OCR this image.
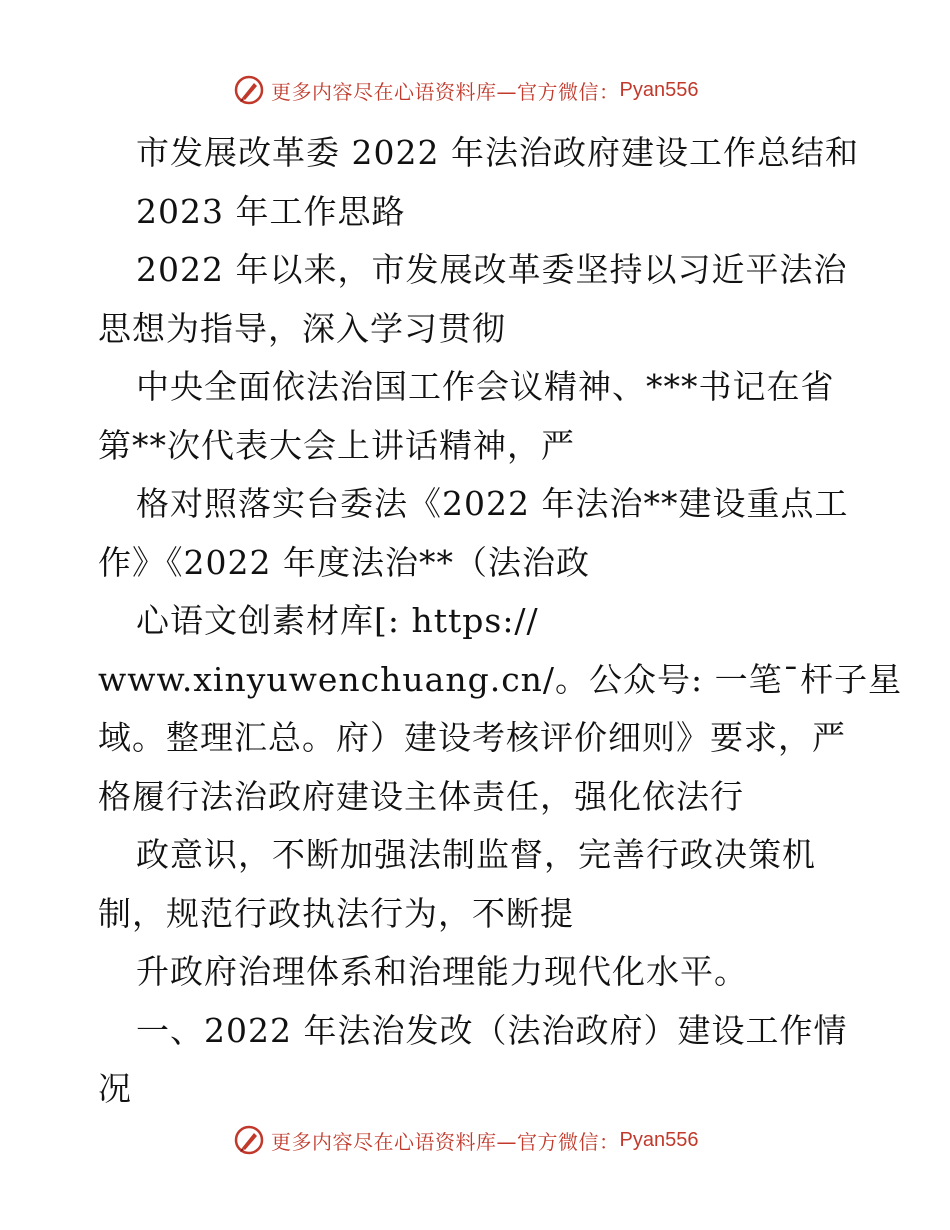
更多内容尽在心语资料库—官方微信： Pyan556
市发展改革委 2022 年法治政府建设工作总结和
2023 年工作思路
2022 年以来，市发展改革委坚持以习近平法治
思想为指导，深入学习贯彻
中央全面依法治国工作会议精神、***书记在省
第**次代表大会上讲话精神，严
格对照落实台委法《2022 年法治**建设重点工
作》《2022 年度法治**（法治政
心语文创素材库[: https://
www.xinyuwenchuang.cn/。公众号: 一笔¯杆子星
域。整理汇总。府）建设考核评价细则》要求，严
格履行法治政府建设主体责任，强化依法行
政意识，不断加强法制监督，完善行政决策机
制，规范行政执法行为，不断提
升政府治理体系和治理能力现代化水平。
一、2022 年法治发改（法治政府）建设工作情
况
更多内容尽在心语资料库—官方微信： Pyan556
